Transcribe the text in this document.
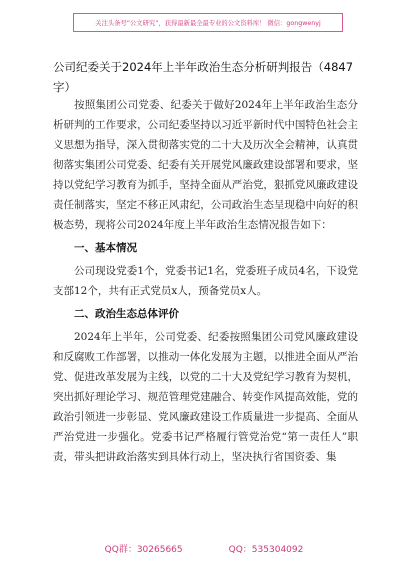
关注头条号“公文研究”，获得最新最全最专业的公文资料库！ 微信：gongwenyj
公司纪委关于2024年上半年政治生态分析研判报告（4847字）

按照集团公司党委、纪委关于做好2024年上半年政治生态分析研判的工作要求，公司纪委坚持以习近平新时代中国特色社会主义思想为指导，深入贯彻落实党的二十大及历次全会精神，认真贯彻落实集团公司党委、纪委有关开展党风廉政建设部署和要求，坚持以党纪学习教育为抓手，坚持全面从严治党，狠抓党风廉政建设责任制落实，坚定不移正风肃纪，公司政治生态呈现稳中向好的积极态势，现将公司2024年度上半年政治生态情况报告如下：

一、基本情况

公司现设党委1个，党委书记1名，党委班子成员4名，下设党支部12个，共有正式党员x人，预备党员x人。

二、政治生态总体评价

2024年上半年，公司党委、纪委按照集团公司党风廉政建设和反腐败工作部署，以推动一体化发展为主题，以推进全面从严治党、促进改革发展为主线，以党的二十大及党纪学习教育为契机，突出抓好理论学习、规范管理党建融合、转变作风提高效能，党的政治引领进一步彰显、党风廉政建设工作质量进一步提高、全面从严治党进一步强化。党委书记严格履行管党治党“第一责任人”职责，带头把讲政治落实到具体行动上，坚决执行省国资委、集

QQ群：30265665	QQ：535304092
